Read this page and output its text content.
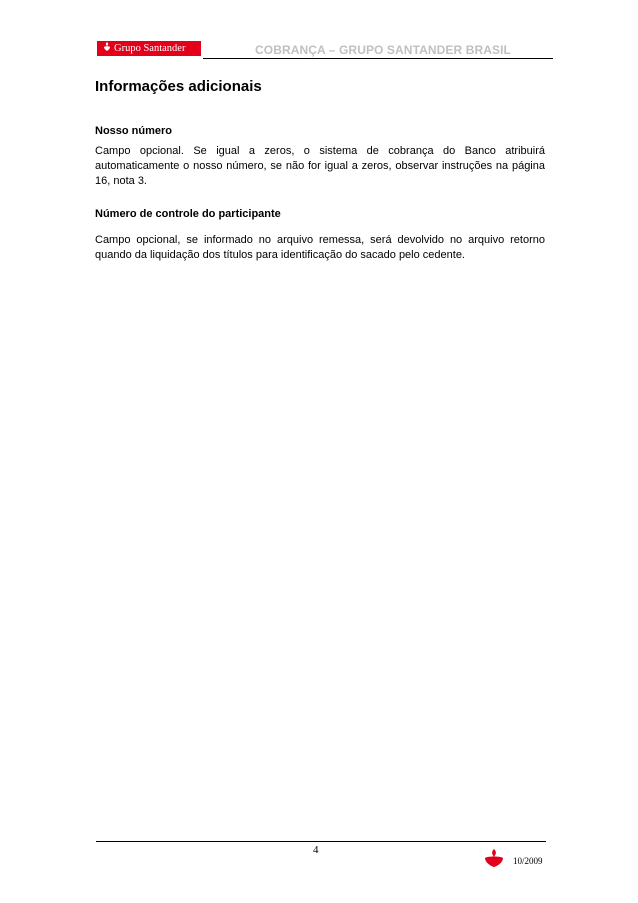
Grupo Santander Brasil
COBRANÇA – GRUPO SANTANDER BRASIL
Informações adicionais
Nosso número

Campo opcional. Se igual a zeros, o sistema de cobrança do Banco atribuirá automaticamente o nosso número, se não for igual a zeros, observar instruções na página 16, nota 3.

Número de controle do participante

Campo opcional, se informado no arquivo remessa, será devolvido no arquivo retorno quando da liquidação dos títulos para identificação do sacado pelo cedente.

4
10/2009
